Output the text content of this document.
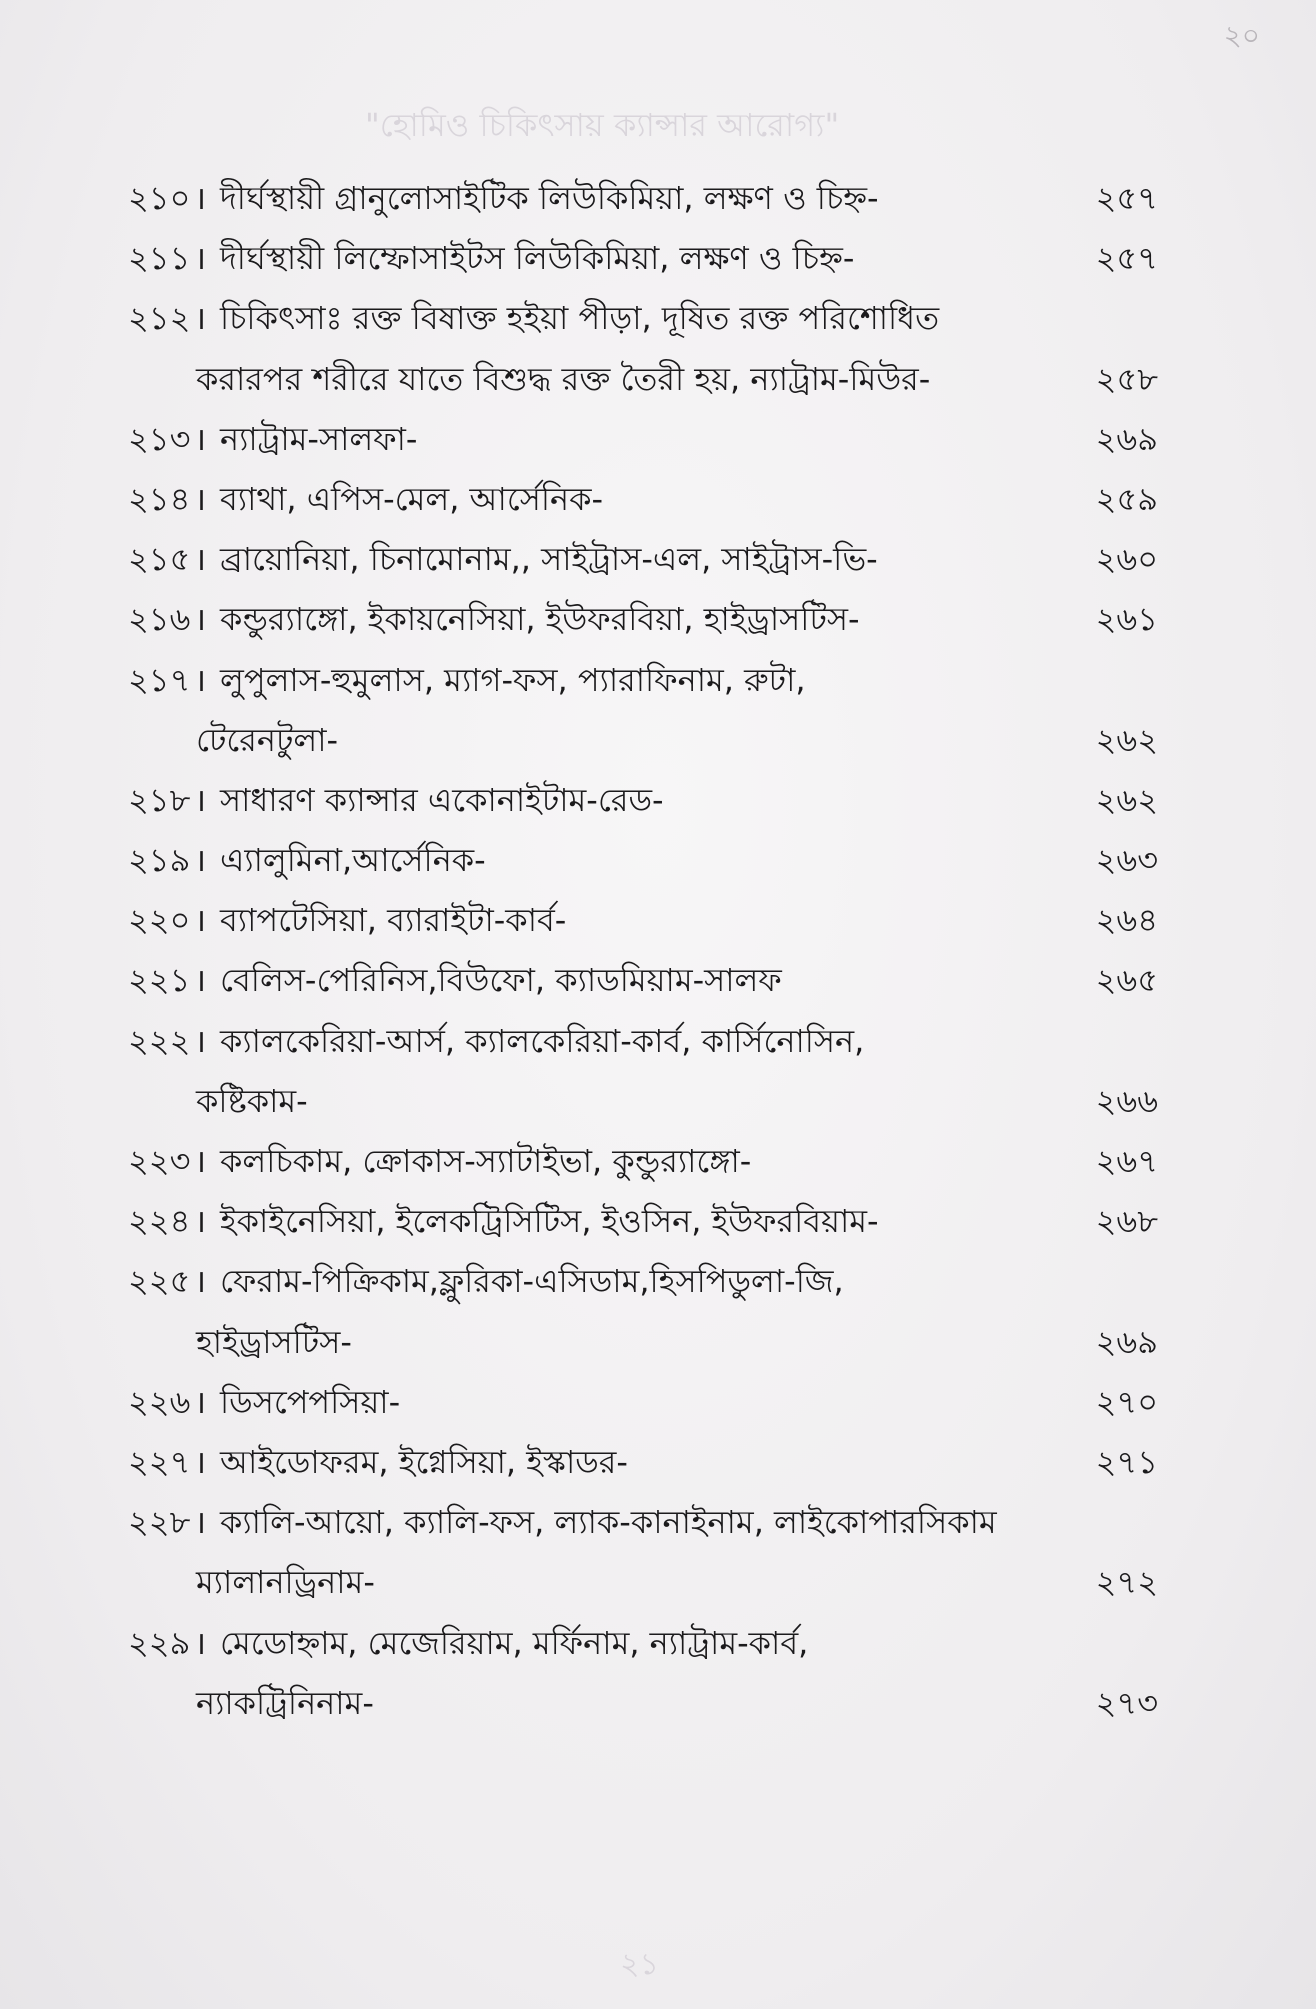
২০
"হোমিও চিকিৎসায় ক্যান্সার আরোগ্য"
২১০ । দীর্ঘস্থায়ী গ্রানুলোসাইটিক লিউকিমিয়া, লক্ষণ ও চিহ্ন-	২৫৭
২১১ । দীর্ঘস্থায়ী লিম্ফোসাইটস লিউকিমিয়া, লক্ষণ ও চিহ্ন-	২৫৭
২১২ । চিকিৎসাঃ রক্ত বিষাক্ত হইয়া পীড়া, দূষিত রক্ত পরিশোধিত
করারপর শরীরে যাতে বিশুদ্ধ রক্ত তৈরী হয়, ন্যাট্রাম-মিউর-	২৫৮
২১৩ । ন্যাট্রাম-সালফা-	২৬৯
২১৪ । ব্যাথা, এপিস-মেল, আর্সেনিক-	২৫৯
২১৫ । ব্রায়োনিয়া, চিনামোনাম,, সাইট্রাস-এল, সাইট্রাস-ভি-	২৬০
২১৬ । কন্ডুর‍্যাঙ্গো, ইকায়নেসিয়া, ইউফরবিয়া, হাইড্রাসটিস-	২৬১
২১৭ । লুপুলাস-হুমুলাস, ম্যাগ-ফস, প্যারাফিনাম, রুটা,
টেরেনটুলা-	২৬২
২১৮ । সাধারণ ক্যান্সার একোনাইটাম-রেড-	২৬২
২১৯ । এ্যালুমিনা,আর্সেনিক-	২৬৩
২২০ । ব্যাপটেসিয়া, ব্যারাইটা-কার্ব-	২৬৪
২২১ । বেলিস-পেরিনিস,বিউফো, ক্যাডমিয়াম-সালফ	২৬৫
২২২ । ক্যালকেরিয়া-আর্স, ক্যালকেরিয়া-কার্ব, কার্সিনোসিন,
কষ্টিকাম-	২৬৬
২২৩ । কলচিকাম, ক্রোকাস-স্যাটাইভা, কুন্ডুর‍্যাঙ্গো-	২৬৭
২২৪ । ইকাইনেসিয়া, ইলেকট্রিসিটিস, ইওসিন, ইউফরবিয়াম-	২৬৮
২২৫ । ফেরাম-পিক্রিকাম,ফ্লুরিকা-এসিডাম,হিসপিডুলা-জি,
হাইড্রাসটিস-	২৬৯
২২৬ । ডিসপেপসিয়া-	২৭০
২২৭ । আইডোফরম, ইগ্নেসিয়া, ইস্কাডর-	২৭১
২২৮ । ক্যালি-আয়ো, ক্যালি-ফস, ল্যাক-কানাইনাম, লাইকোপারসিকাম
ম্যালানড্রিনাম-	২৭২
২২৯ । মেডোহ্নাম, মেজেরিয়াম, মর্ফিনাম, ন্যাট্রাম-কার্ব,
ন্যাকট্রিনিনাম-	২৭৩
২১
